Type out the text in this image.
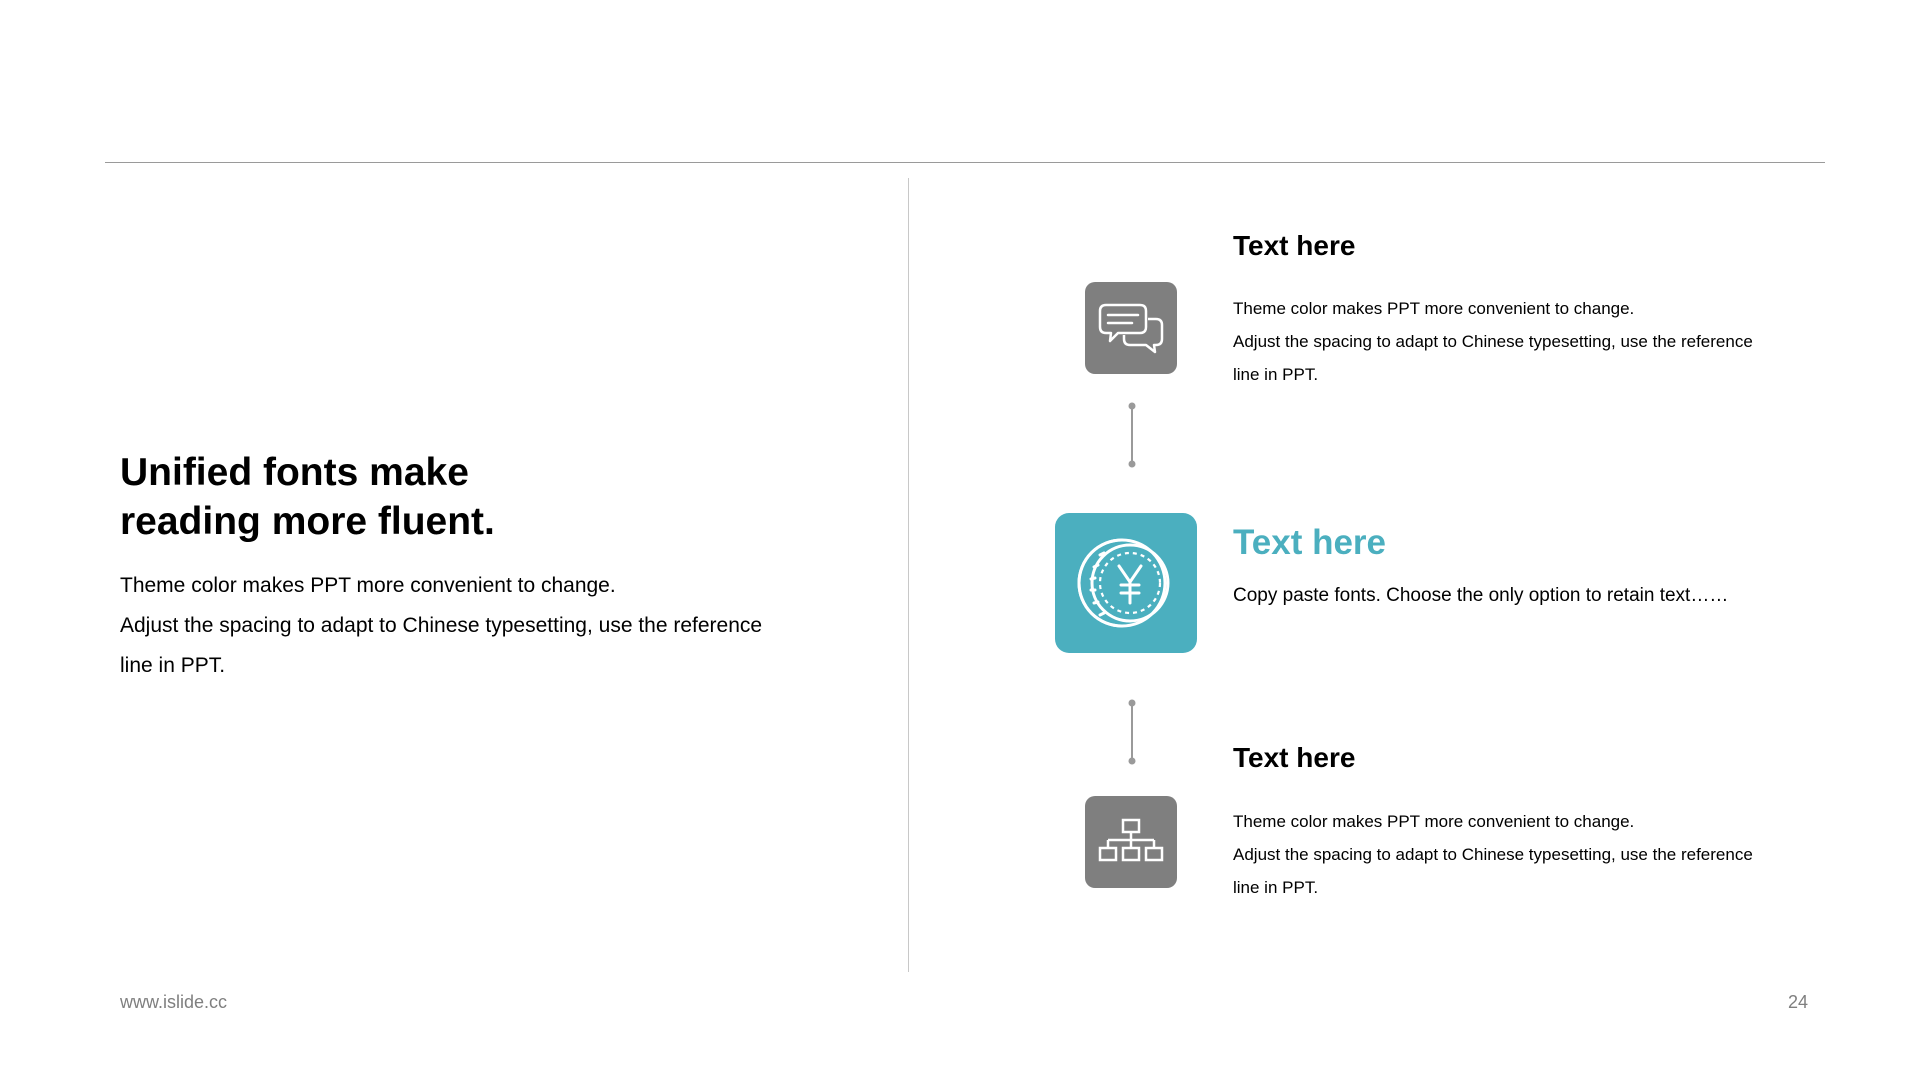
Unified fonts make
reading more fluent.
Theme color makes PPT more convenient to change.
Adjust the spacing to adapt to Chinese typesetting, use the reference
line in PPT.
Text here
Theme color makes PPT more convenient to change.
Adjust the spacing to adapt to Chinese typesetting, use the reference
line in PPT.
Text here
Copy paste fonts. Choose the only option to retain text……
Text here
Theme color makes PPT more convenient to change.
Adjust the spacing to adapt to Chinese typesetting, use the reference
line in PPT.
www.islide.cc	24
